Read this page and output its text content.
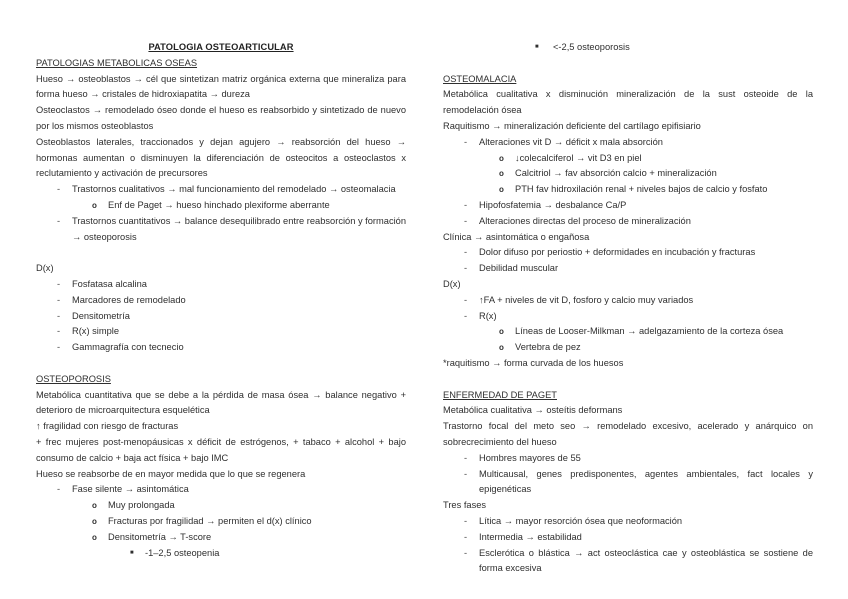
PATOLOGIA OSTEOARTICULAR
PATOLOGIAS METABOLICAS OSEAS
Hueso → osteoblastos → cél que sintetizan matriz orgánica externa que mineraliza para forma hueso → cristales de hidroxiapatita → dureza
Osteoclastos → remodelado óseo donde el hueso es reabsorbido y sintetizado de nuevo por los mismos osteoblastos
Osteoblastos laterales, traccionados y dejan agujero → reabsorción del hueso → hormonas aumentan o disminuyen la diferenciación de osteocitos a osteoclastos x reclutamiento y activación de precursores
- Trastornos cualitativos → mal funcionamiento del remodelado → osteomalacia
o Enf de Paget → hueso hinchado plexiforme aberrante
- Trastornos cuantitativos → balance desequilibrado entre reabsorción y formación → osteoporosis
D(x)
- Fosfatasa alcalina
- Marcadores de remodelado
- Densitometría
- R(x) simple
- Gammagrafía con tecnecio
OSTEOPOROSIS
Metabólica cuantitativa que se debe a la pérdida de masa ósea → balance negativo + deterioro de microarquitectura esquelética
↑ fragilidad con riesgo de fracturas
+ frec mujeres post-menopáusicas x déficit de estrógenos, + tabaco + alcohol + bajo consumo de calcio + baja act física + bajo IMC
Hueso se reabsorbe de en mayor medida que lo que se regenera
- Fase silente → asintomática
o Muy prolongada
o Fracturas por fragilidad → permiten el d(x) clínico
o Densitometría → T-score
■ -1–2,5 osteopenia
■ <-2,5 osteoporosis
OSTEOMALACIA
Metabólica cualitativa x disminución mineralización de la sust osteoide de la remodelación ósea
Raquitismo → mineralización deficiente del cartílago epifisiario
- Alteraciones vit D → déficit x mala absorción
o ↓colecalciferol → vit D3 en piel
o Calcitriol → fav absorción calcio + mineralización
o PTH fav hidroxilación renal + niveles bajos de calcio y fosfato
- Hipofosfatemia → desbalance Ca/P
- Alteraciones directas del proceso de mineralización
Clínica → asintomática o engañosa
- Dolor difuso por periostio + deformidades en incubación y fracturas
- Debilidad muscular
D(x)
- ↑FA + niveles de vit D, fosforo y calcio muy variados
- R(x)
o Líneas de Looser-Milkman → adelgazamiento de la corteza ósea
o Vertebra de pez
*raquitismo → forma curvada de los huesos
ENFERMEDAD DE PAGET
Metabólica cualitativa → osteítis deformans
Trastorno focal del meto seo → remodelado excesivo, acelerado y anárquico on sobrecrecimiento del hueso
- Hombres mayores de 55
- Multicausal, genes predisponentes, agentes ambientales, fact locales y epigenéticas
Tres fases
- Lítica → mayor resorción ósea que neoformación
- Intermedia → estabilidad
- Esclerótica o blástica → act osteoclástica cae y osteoblástica se sostiene de forma excesiva
